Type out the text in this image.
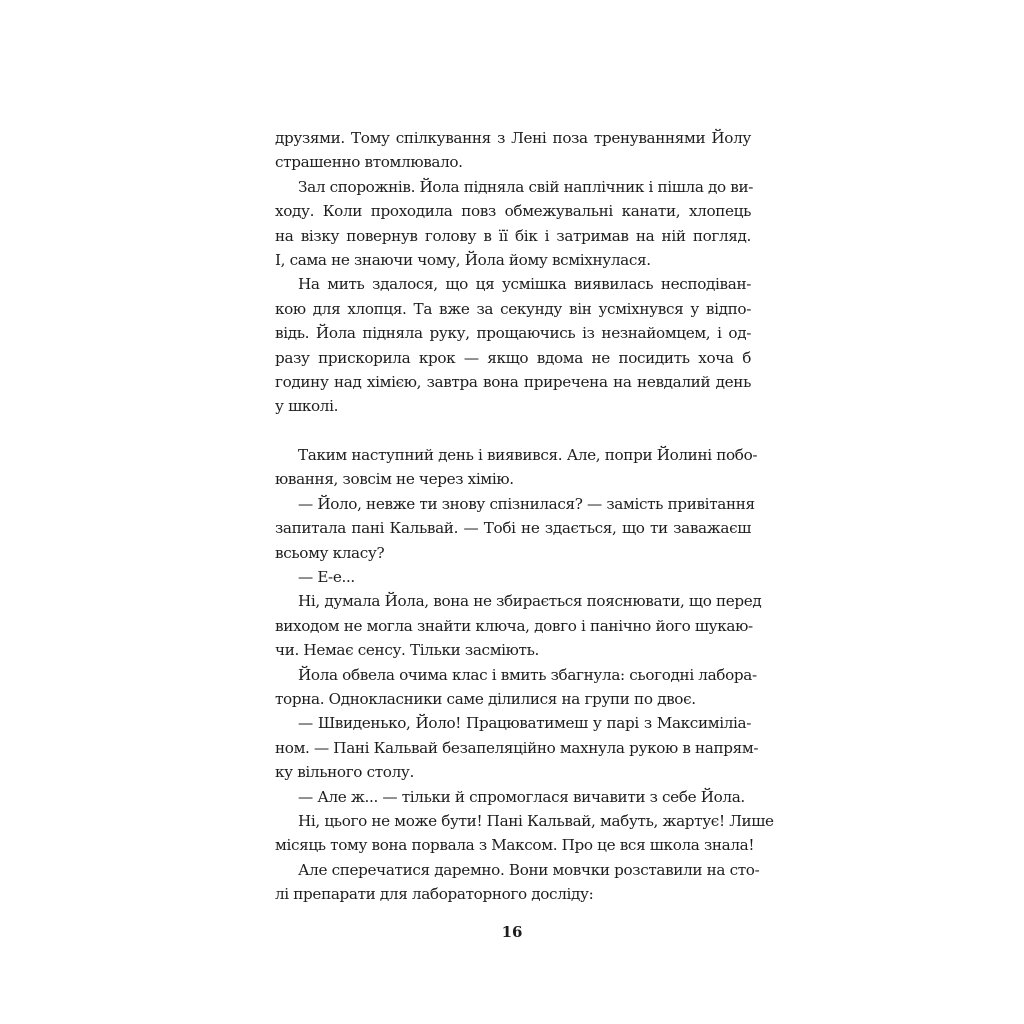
друзями. Тому спілкування з Лені поза тренуваннями Йолу
страшенно втомлювало.
Зал спорожнів. Йола підняла свій наплічник і пішла до ви-
ходу. Коли проходила повз обмежувальні канати, хлопець
на візку повернув голову в її бік і затримав на ній погляд.
І, сама не знаючи чому, Йола йому всміхнулася.
На мить здалося, що ця усмішка виявилась несподіван-
кою для хлопця. Та вже за секунду він усміхнувся у відпо-
відь. Йола підняла руку, прощаючись із незнайомцем, і од-
разу прискорила крок — якщо вдома не посидить хоча б
годину над хімією, завтра вона приречена на невдалий день
у школі.
Таким наступний день і виявився. Але, попри Йолині побо-
ювання, зовсім не через хімію.
— Йоло, невже ти знову спізнилася? — замість привітання
запитала пані Кальвай. — Тобі не здається, що ти заважаєш
всьому класу?
— Е-е...
Ні, думала Йола, вона не збирається пояснювати, що перед
виходом не могла знайти ключа, довго і панічно його шукаю-
чи. Немає сенсу. Тільки засміють.
Йола обвела очима клас і вмить збагнула: сьогодні лабора-
торна. Однокласники саме ділилися на групи по двоє.
— Швиденько, Йоло! Працюватимеш у парі з Максиміліа-
ном. — Пані Кальвай безапеляційно махнула рукою в напрям-
ку вільного столу.
— Але ж... — тільки й спромоглася вичавити з себе Йола.
Ні, цього не може бути! Пані Кальвай, мабуть, жартує! Лише
місяць тому вона порвала з Максом. Про це вся школа знала!
Але сперечатися даремно. Вони мовчки розставили на сто-
лі препарати для лабораторного досліду:
16
